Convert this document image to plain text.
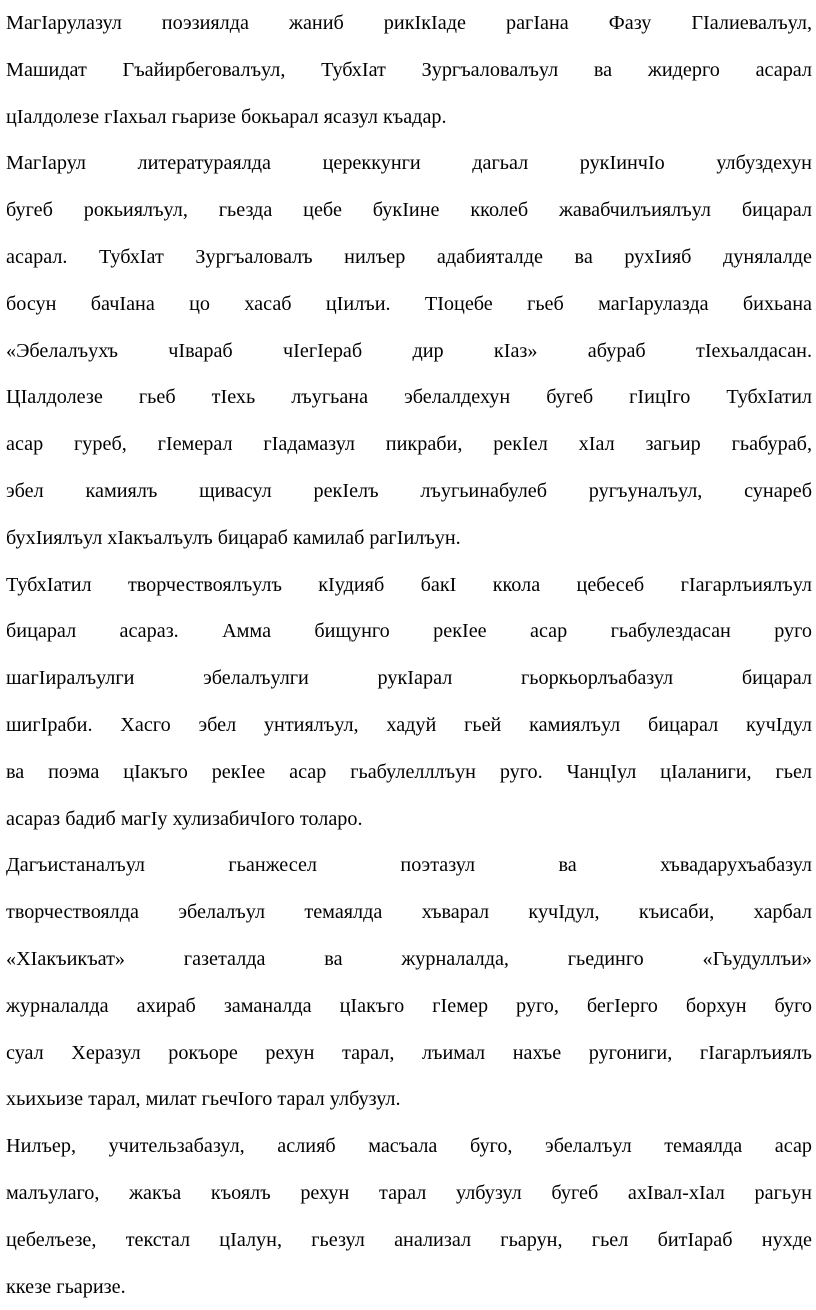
МагIарулазул поэзиялда жаниб рикIкIаде рагIана Фазу ГIалиевалъул,
Машидат Гъайирбеговалъул, ТубхIат Зургъаловалъул ва жидерго асарал
цIалдолезе гIахьал гьаризе бокьарал ясазул къадар.

МагIарул литератураялда цереккунги дагьал рукIинчIо улбуздехун
бугеб рокьиялъул, гьезда цебе букIине кколеб жавабчилъиялъул бицарал
асарал. ТубхIат Зургъаловалъ нилъер адабияталде ва рухIияб дунялалде
босун бачIана цо хасаб цIилъи. ТIоцебе гьеб магIарулазда бихьана
«Эбелалъухъ чIвараб чIегIераб дир кIаз» абураб тIехьалдасан.
ЦIалдолезе гьеб тIехь лъугьана эбелалдехун бугеб гIицIго ТубхIатил
асар гуреб, гIемерал гIадамазул пикраби, рекIел хIал загьир гьабураб,
эбел камиялъ щивасул рекIелъ лъугьинабулеб ругъуналъул, сунареб
бухIиялъул хIакъалъулъ бицараб камилаб рагIилъун.

ТубхIатил творчествоялъулъ кIудияб бакI ккола цебесеб гIагарлъиялъул
бицарал асараз. Амма бищунго рекIее асар гьабулездасан руго
шагIиралъулги эбелалъулги рукIарал гьоркьорлъабазул бицарал
шигIраби. Хасго эбел унтиялъул, хадуй гьей камиялъул бицарал кучIдул
ва поэма цIакъго рекIее асар гьабулелллъун руго. ЧанцIул цIаланиги, гьел
асараз бадиб магIу хулизабичIого толаро.

Дагъистаналъул гьанжесел поэтазул ва хъвадарухъабазул
творчествоялда эбелалъул темаялда хъварал кучIдул, къисаби, харбал
«ХIакъикъат» газеталда ва журналалда, гьединго «Гьудуллъи»
журналалда ахираб заманалда цIакъго гIемер руго, бегIерго борхун буго
суал Херазул рокъоре рехун тарал, лъимал нахъе ругониги, гIагарлъиялъ
хьихьизе тарал, милат гьечIого тарал улбузул.

Нилъер, учительзабазул, аслияб масъала буго, эбелалъул темаялда асар
малъулаго, жакъа къоялъ рехун тарал улбузул бугеб ахIвал-хIал рагьун
цебелъезе, текстал цIалун, гьезул анализал гьарун, гьел битIараб нухде
ккезе гьаризе.
